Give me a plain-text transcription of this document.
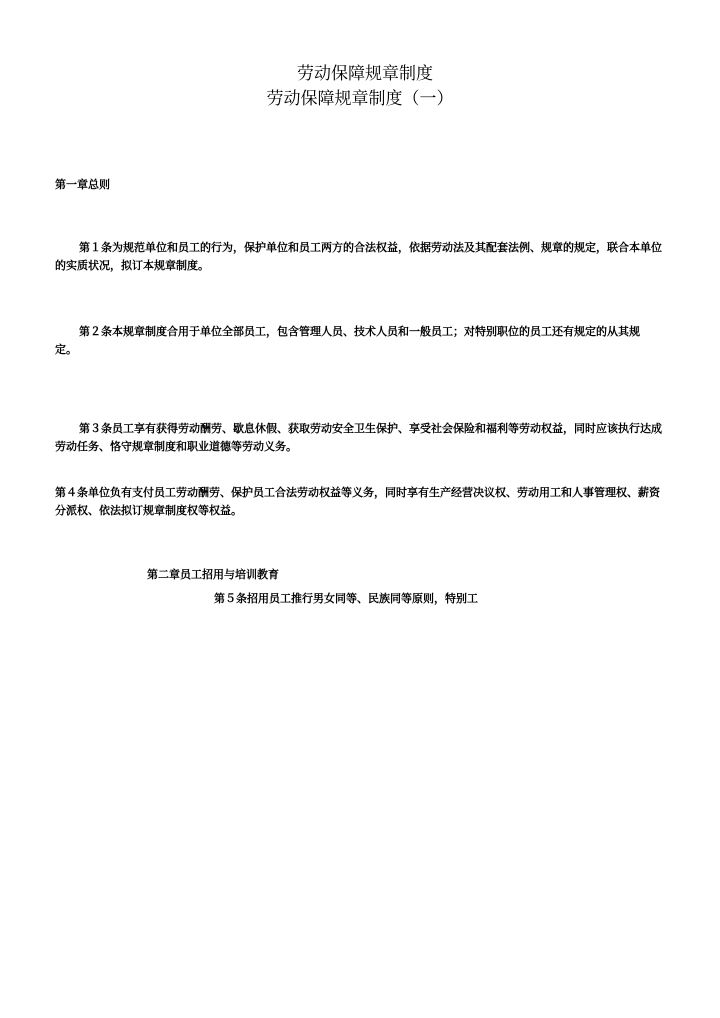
劳动保障规章制度
劳动保障规章制度（一）
第一章总则
第１条为规范单位和员工的行为，保护单位和员工两方的合法权益，依据劳动法及其配套法例、规章的规定，联合本单位的实质状况，拟订本规章制度。
第２条本规章制度合用于单位全部员工，包含管理人员、技术人员和一般员工；对特别职位的员工还有规定的从其规
定。
第３条员工享有获得劳动酬劳、歇息休假、获取劳动安全卫生保护、享受社会保险和福利等劳动权益，同时应该执行达成劳动任务、恪守规章制度和职业道德等劳动义务。
第４条单位负有支付员工劳动酬劳、保护员工合法劳动权益等义务，同时享有生产经营决议权、劳动用工和人事管理权、薪资分派权、依法拟订规章制度权等权益。
第二章员工招用与培训教育
第５条招用员工推行男女同等、民族同等原则，特别工
